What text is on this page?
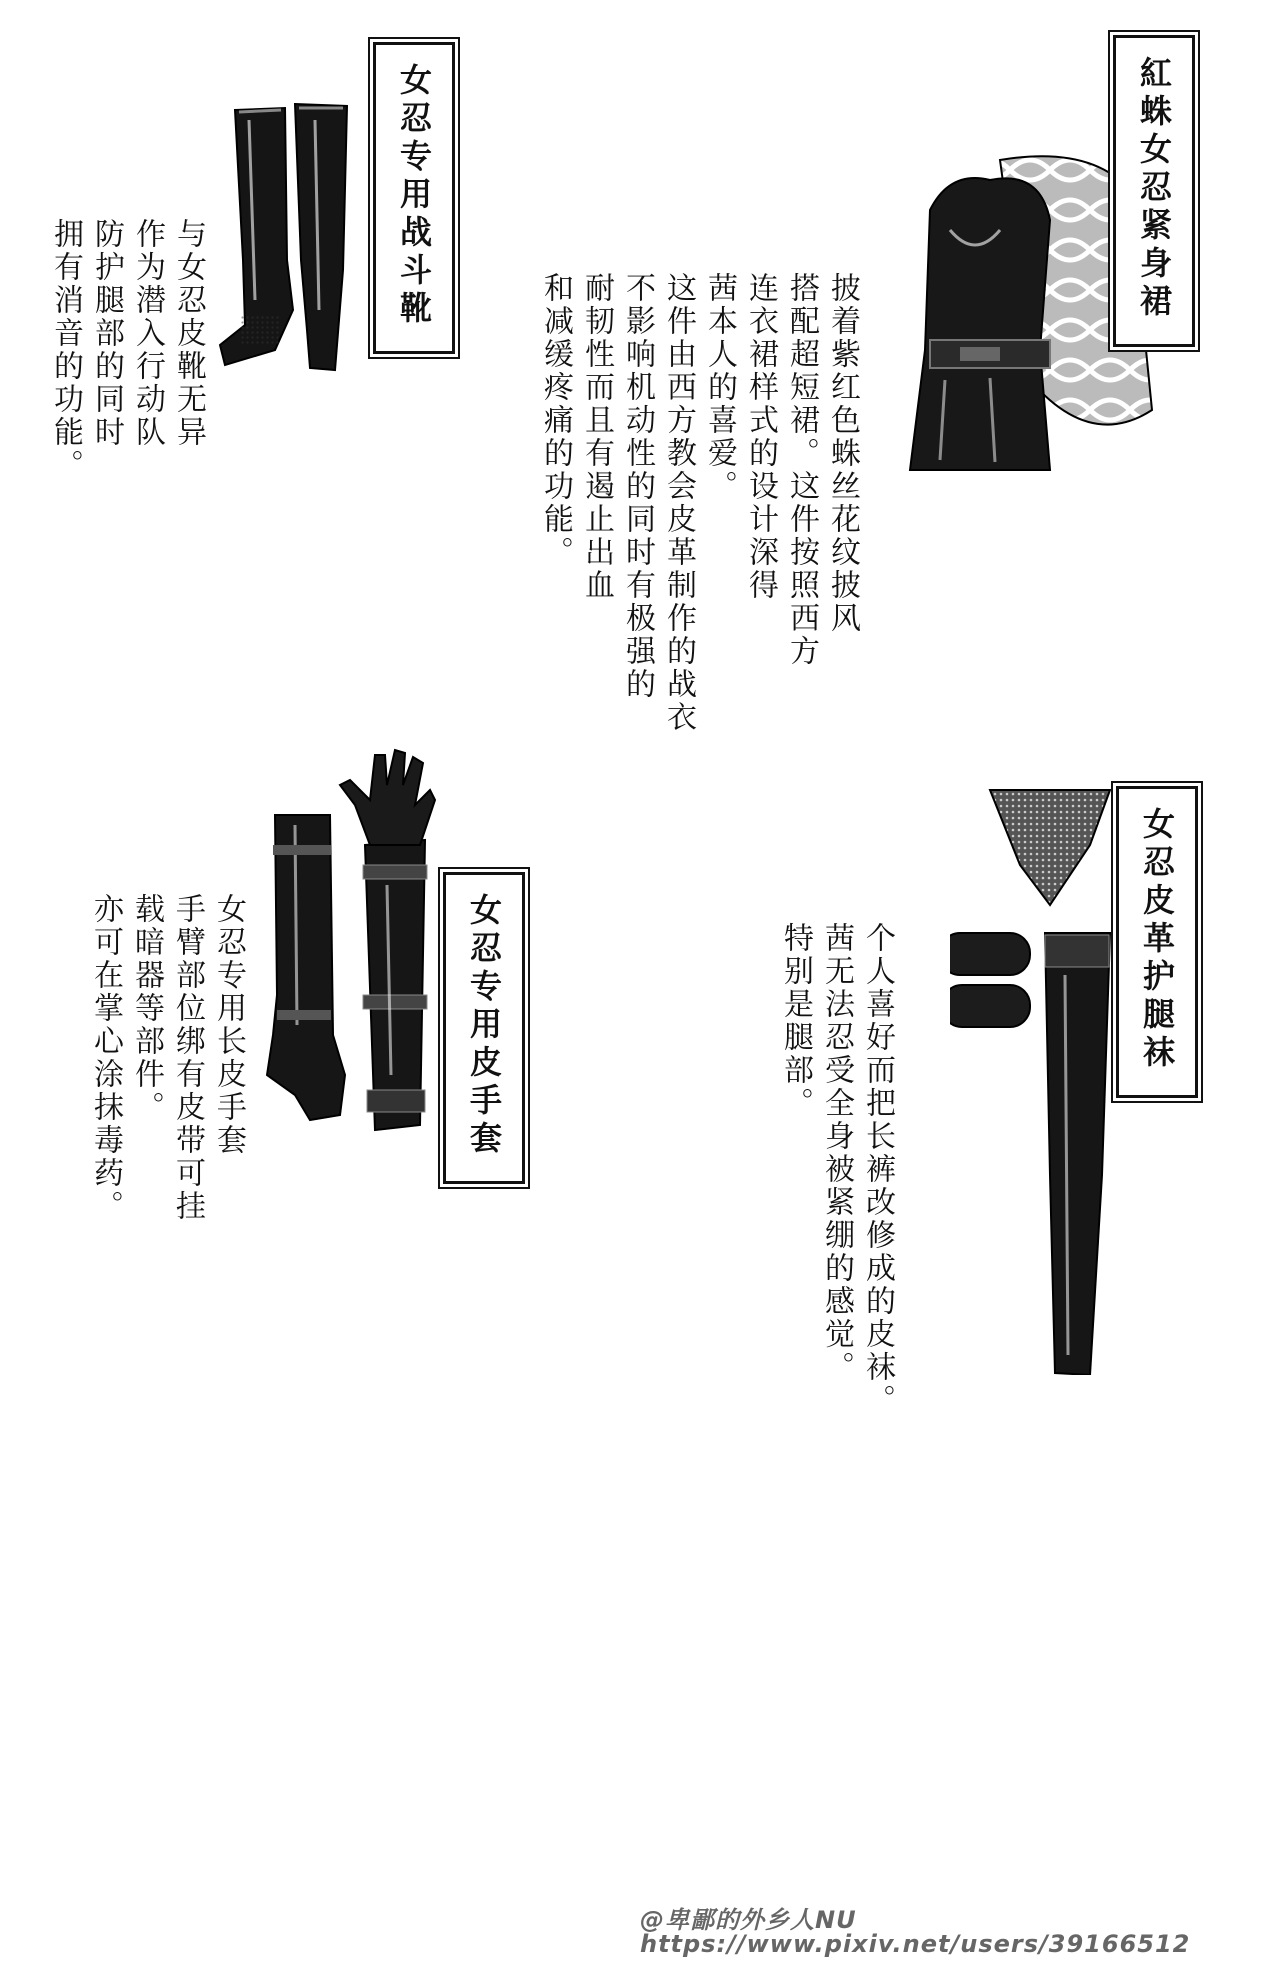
女忍专用战斗靴
与女忍皮靴无异
作为潜入行动队
防护腿部的同时
拥有消音的功能。
紅蛛女忍紧身裙
披着紫红色蛛丝花纹披风
搭配超短裙。这件按照西方
连衣裙样式的设计深得
茜本人的喜爱。
这件由西方教会皮革制作的战衣
不影响机动性的同时有极强的
耐韧性而且有遏止出血
和减缓疼痛的功能。
女忍专用皮手套
女忍专用长皮手套
手臂部位绑有皮带可挂
载暗器等部件。
亦可在掌心涂抹毒药。	女忍皮革护腿袜
个人喜好而把长裤改修成的皮袜。
茜无法忍受全身被紧绷的感觉。
特别是腿部。
@卑鄙的外乡人NU
https://www.pixiv.net/users/39166512
